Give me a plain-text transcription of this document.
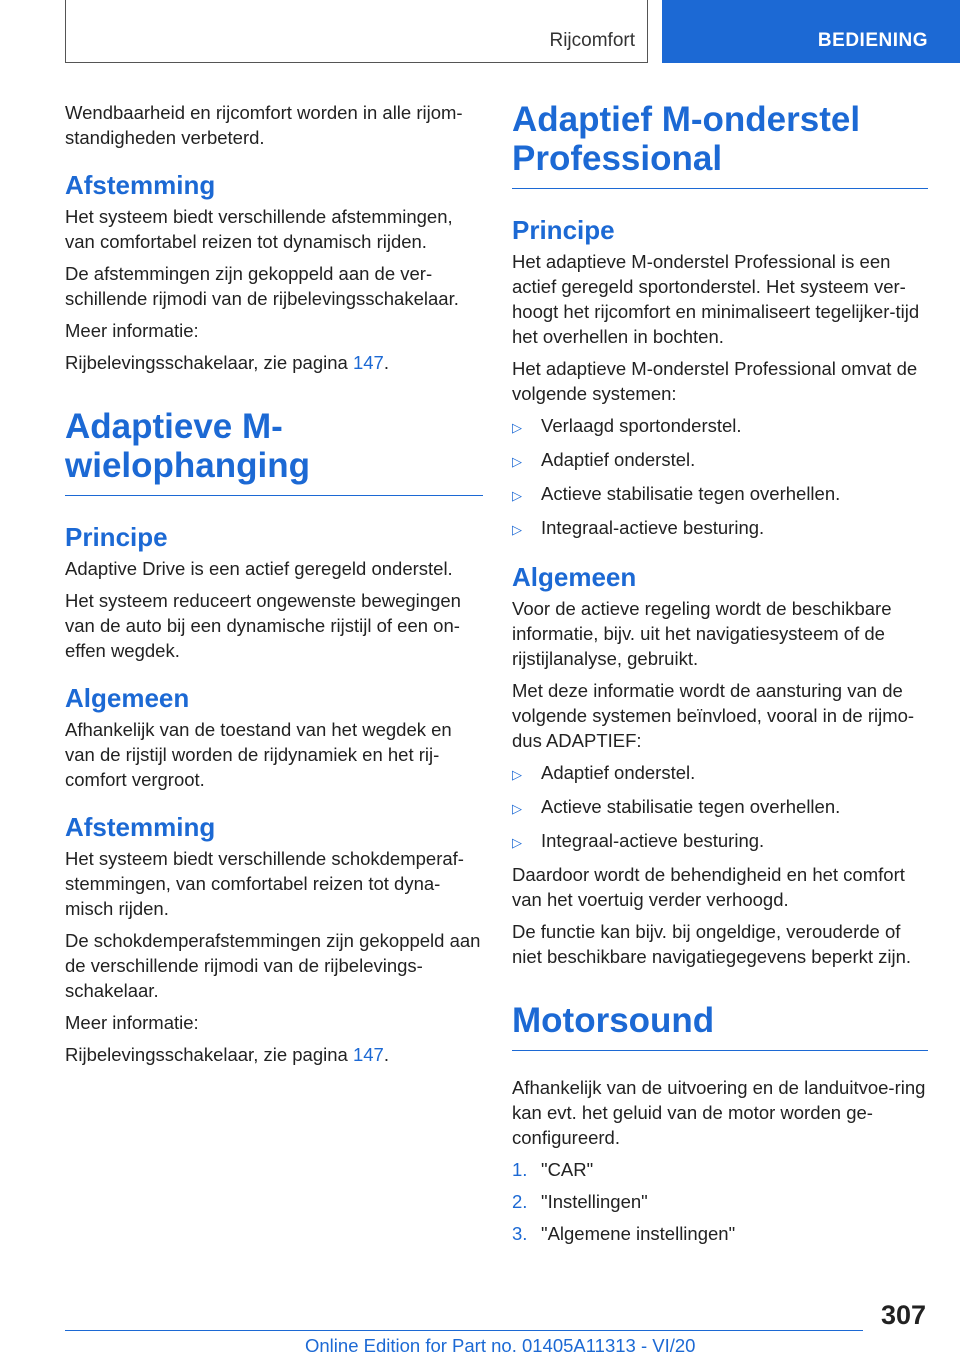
Rijcomfort	BEDIENING

Wendbaarheid en rijcomfort worden in alle rijom-standigheden verbeterd.

Afstemming

Het systeem biedt verschillende afstemmingen, van comfortabel reizen tot dynamisch rijden.

De afstemmingen zijn gekoppeld aan de ver-schillende rijmodi van de rijbelevingsschakelaar.

Meer informatie:

Rijbelevingsschakelaar, zie pagina 147.

Adaptieve M-wielophanging
Principe

Adaptive Drive is een actief geregeld onderstel.

Het systeem reduceert ongewenste bewegingen van de auto bij een dynamische rijstijl of een on-effen wegdek.

Algemeen

Afhankelijk van de toestand van het wegdek en van de rijstijl worden de rijdynamiek en het rij-comfort vergroot.

Afstemming

Het systeem biedt verschillende schokdemperaf-stemmingen, van comfortabel reizen tot dyna-misch rijden.

De schokdemperafstemmingen zijn gekoppeld aan de verschillende rijmodi van de rijbelevings-schakelaar.

Meer informatie:

Rijbelevingsschakelaar, zie pagina 147.

Adaptief M-onderstel Professional
Principe

Het adaptieve M-onderstel Professional is een actief geregeld sportonderstel. Het systeem ver-hoogt het rijcomfort en minimaliseert tegelijker-tijd het overhellen in bochten.

Het adaptieve M-onderstel Professional omvat de volgende systemen:

▷	Verlaagd sportonderstel.
▷	Adaptief onderstel.
▷	Actieve stabilisatie tegen overhellen.
▷	Integraal-actieve besturing.
Algemeen

Voor de actieve regeling wordt de beschikbare informatie, bijv. uit het navigatiesysteem of de rijstijlanalyse, gebruikt.

Met deze informatie wordt de aansturing van de volgende systemen beïnvloed, vooral in de rijmo-dus ADAPTIEF:

▷	Adaptief onderstel.
▷	Actieve stabilisatie tegen overhellen.
▷	Integraal-actieve besturing.

Daardoor wordt de behendigheid en het comfort van het voertuig verder verhoogd.

De functie kan bijv. bij ongeldige, verouderde of niet beschikbare navigatiegegevens beperkt zijn.

Motorsound

Afhankelijk van de uitvoering en de landuitvoe-ring kan evt. het geluid van de motor worden ge-configureerd.

1. "CAR"
2. "Instellingen"
3. "Algemene instellingen"
307
Online Edition for Part no. 01405A11313 - VI/20
